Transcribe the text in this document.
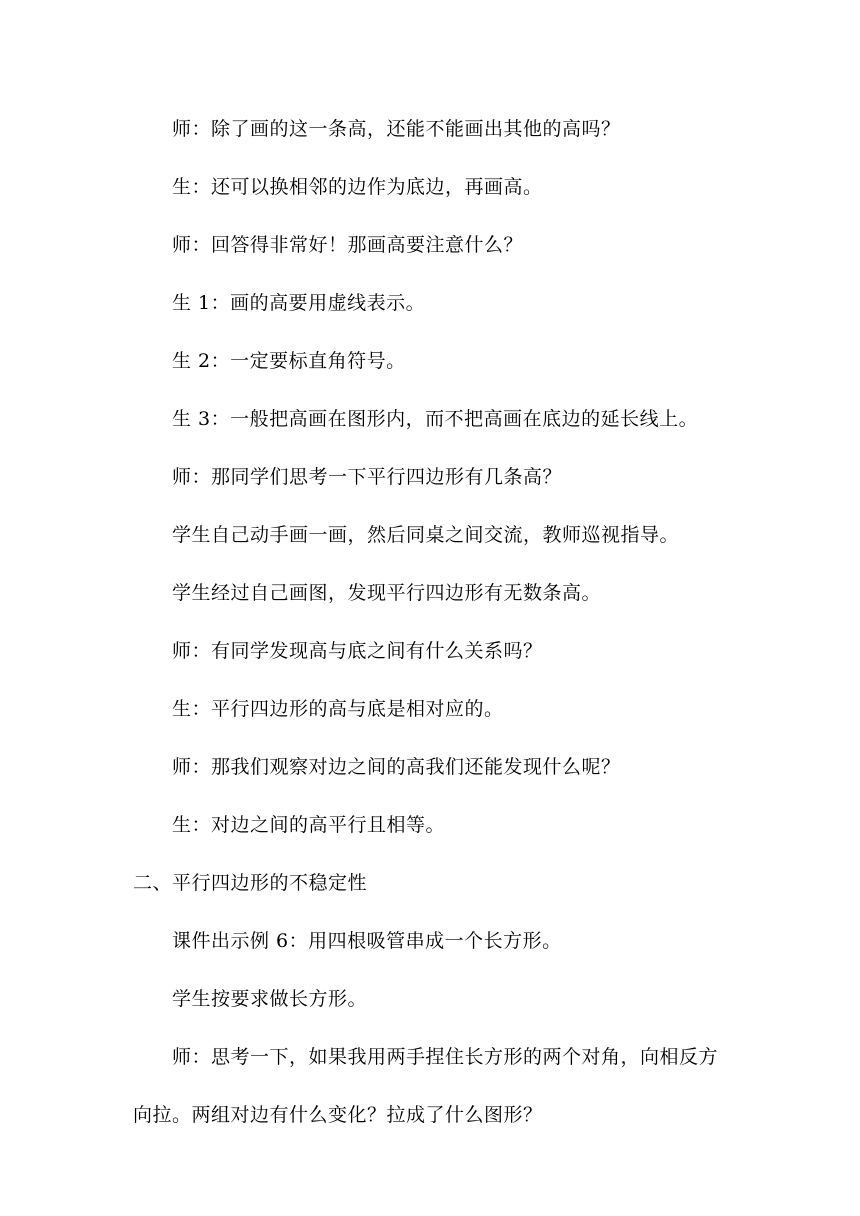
师：除了画的这一条高，还能不能画出其他的高吗？
生：还可以换相邻的边作为底边，再画高。
师：回答得非常好！那画高要注意什么？
生 1：画的高要用虚线表示。
生 2：一定要标直角符号。
生 3：一般把高画在图形内，而不把高画在底边的延长线上。
师：那同学们思考一下平行四边形有几条高？
学生自己动手画一画，然后同桌之间交流，教师巡视指导。
学生经过自己画图，发现平行四边形有无数条高。
师：有同学发现高与底之间有什么关系吗？
生：平行四边形的高与底是相对应的。
师：那我们观察对边之间的高我们还能发现什么呢？
生：对边之间的高平行且相等。
二、平行四边形的不稳定性
课件出示例 6：用四根吸管串成一个长方形。
学生按要求做长方形。
师：思考一下，如果我用两手捏住长方形的两个对角，向相反方
向拉。两组对边有什么变化？拉成了什么图形？
